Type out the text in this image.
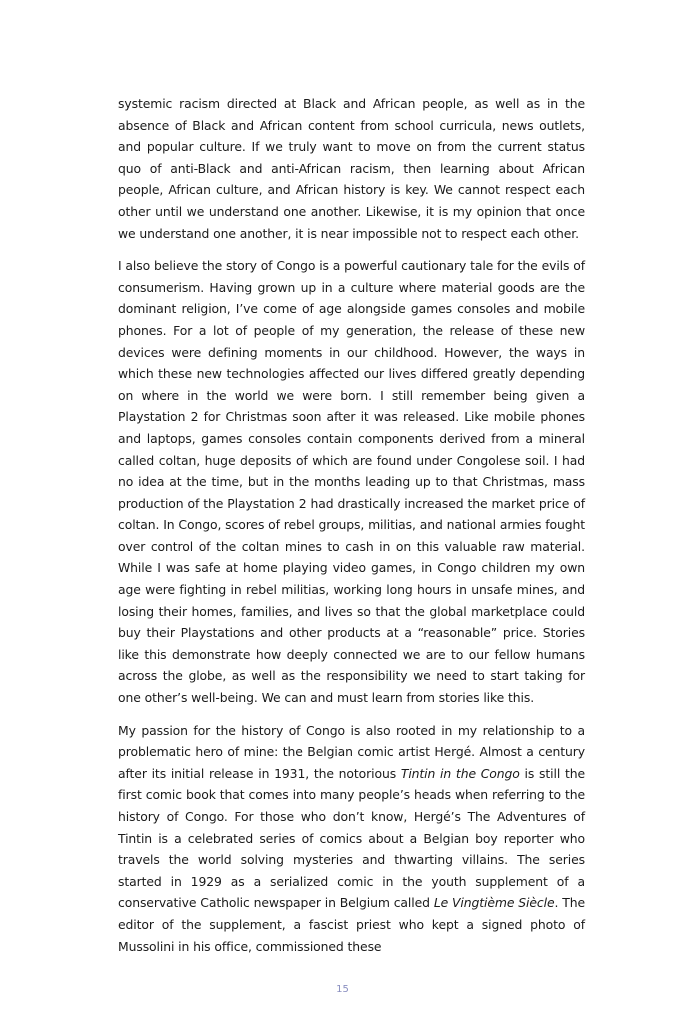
systemic racism directed at Black and African people, as well as in the absence of Black and African content from school curricula, news outlets, and popular culture. If we truly want to move on from the current status quo of anti-Black and anti-African racism, then learning about African people, African culture, and African history is key. We cannot respect each other until we understand one another. Likewise, it is my opinion that once we understand one another, it is near impossible not to respect each other.

I also believe the story of Congo is a powerful cautionary tale for the evils of consumerism. Having grown up in a culture where material goods are the dominant religion, I’ve come of age alongside games consoles and mobile phones. For a lot of people of my generation, the release of these new devices were defining moments in our childhood. However, the ways in which these new technologies affected our lives differed greatly depending on where in the world we were born. I still remember being given a Playstation 2 for Christmas soon after it was released. Like mobile phones and laptops, games consoles contain components derived from a mineral called coltan, huge deposits of which are found under Congolese soil. I had no idea at the time, but in the months leading up to that Christmas, mass production of the Playstation 2 had drastically increased the market price of coltan. In Congo, scores of rebel groups, militias, and national armies fought over control of the coltan mines to cash in on this valuable raw material. While I was safe at home playing video games, in Congo children my own age were fighting in rebel militias, working long hours in unsafe mines, and losing their homes, families, and lives so that the global marketplace could buy their Playstations and other products at a “reasonable” price. Stories like this demonstrate how deeply connected we are to our fellow humans across the globe, as well as the responsibility we need to start taking for one other’s well-being. We can and must learn from stories like this.

My passion for the history of Congo is also rooted in my relationship to a problematic hero of mine: the Belgian comic artist Hergé. Almost a century after its initial release in 1931, the notorious Tintin in the Congo is still the first comic book that comes into many people’s heads when referring to the history of Congo. For those who don’t know, Hergé’s The Adventures of Tintin is a celebrated series of comics about a Belgian boy reporter who travels the world solving mysteries and thwarting villains. The series started in 1929 as a serialized comic in the youth supplement of a conservative Catholic newspaper in Belgium called Le Vingtième Siècle. The editor of the supplement, a fascist priest who kept a signed photo of Mussolini in his office, commissioned these

15
